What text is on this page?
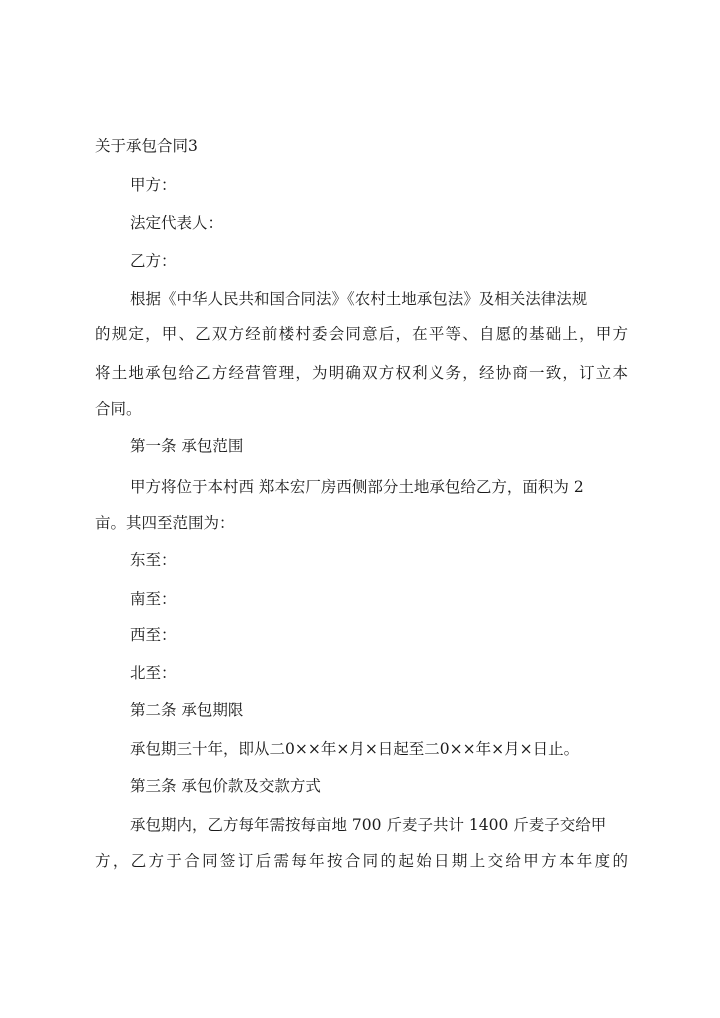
关于承包合同3
甲方：
法定代表人：
乙方：
根据《中华人民共和国合同法》《农村土地承包法》及相关法律法规
的规定，甲、乙双方经前楼村委会同意后，在平等、自愿的基础上，甲方
将土地承包给乙方经营管理，为明确双方权利义务，经协商一致，订立本
合同。
第一条 承包范围
甲方将位于本村西 郑本宏厂房西侧部分土地承包给乙方，面积为 2
亩。其四至范围为：
东至：
南至：
西至：
北至：
第二条 承包期限
承包期三十年，即从二0××年×月×日起至二0××年×月×日止。
第三条 承包价款及交款方式
承包期内，乙方每年需按每亩地 700 斤麦子共计 1400 斤麦子交给甲
方，乙方于合同签订后需每年按合同的起始日期上交给甲方本年度的
